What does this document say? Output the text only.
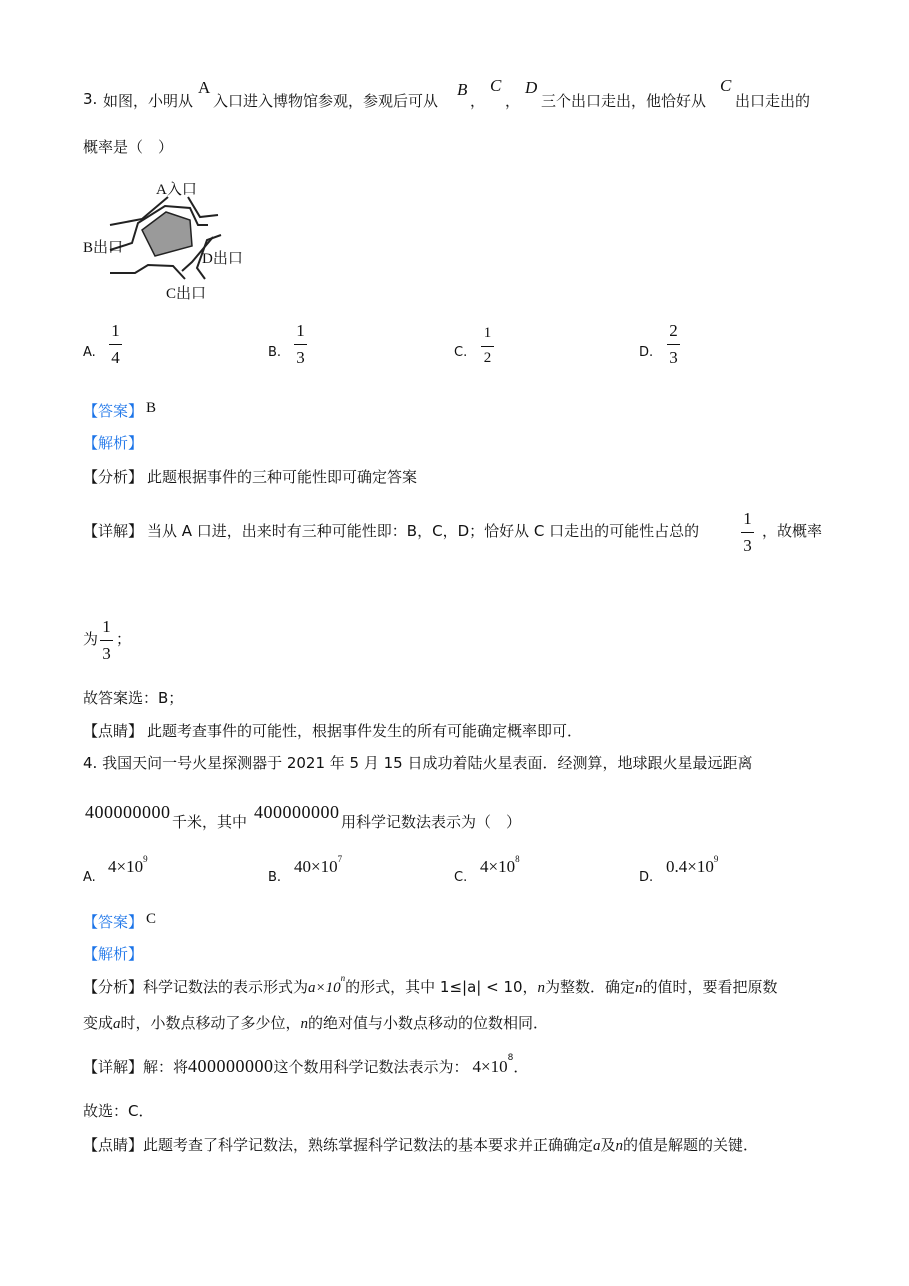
3. 如图，小明从
A
入口进入博物馆参观，参观后可从
B
，
C
，
D
三个出口走出，他恰好从
C
出口走出的
概率是（　）
A入口
B出口
D出口
C出口
A.
1
4	B.
1
3	C.
1
2	D.
2
3
【答案】 B
【解析】
【分析】 此题根据事件的三种可能性即可确定答案
【详解】 当从 A 口进，出来时有三种可能性即：B，C，D；恰好从 C 口走出的可能性占总的
1
3
，故概率
为
1
3
；
故答案选：B；
【点睛】 此题考查事件的可能性，根据事件发生的所有可能确定概率即可．
4. 我国天问一号火星探测器于 2021 年 5 月 15 日成功着陆火星表面．经测算，地球跟火星最远距离
400000000 千米，其中 400000000 用科学记数法表示为（　）
A.
$4\times 10^9$
B.
$40\times 10^7$
C.
$4\times 10^8$
D.
$0.4\times 10^9$
【答案】 C
【解析】
【分析】科学记数法的表示形式为$a\times 10^n$的形式，其中 1≤|a| < 10，n为整数．确定n的值时，要看把原数
变成a时，小数点移动了多少位，n的绝对值与小数点移动的位数相同．
【详解】解：将400000000这个数用科学记数法表示为： $4\times 10^8$．
故选：C．
【点睛】此题考查了科学记数法，熟练掌握科学记数法的基本要求并正确确定a及n的值是解题的关键．
